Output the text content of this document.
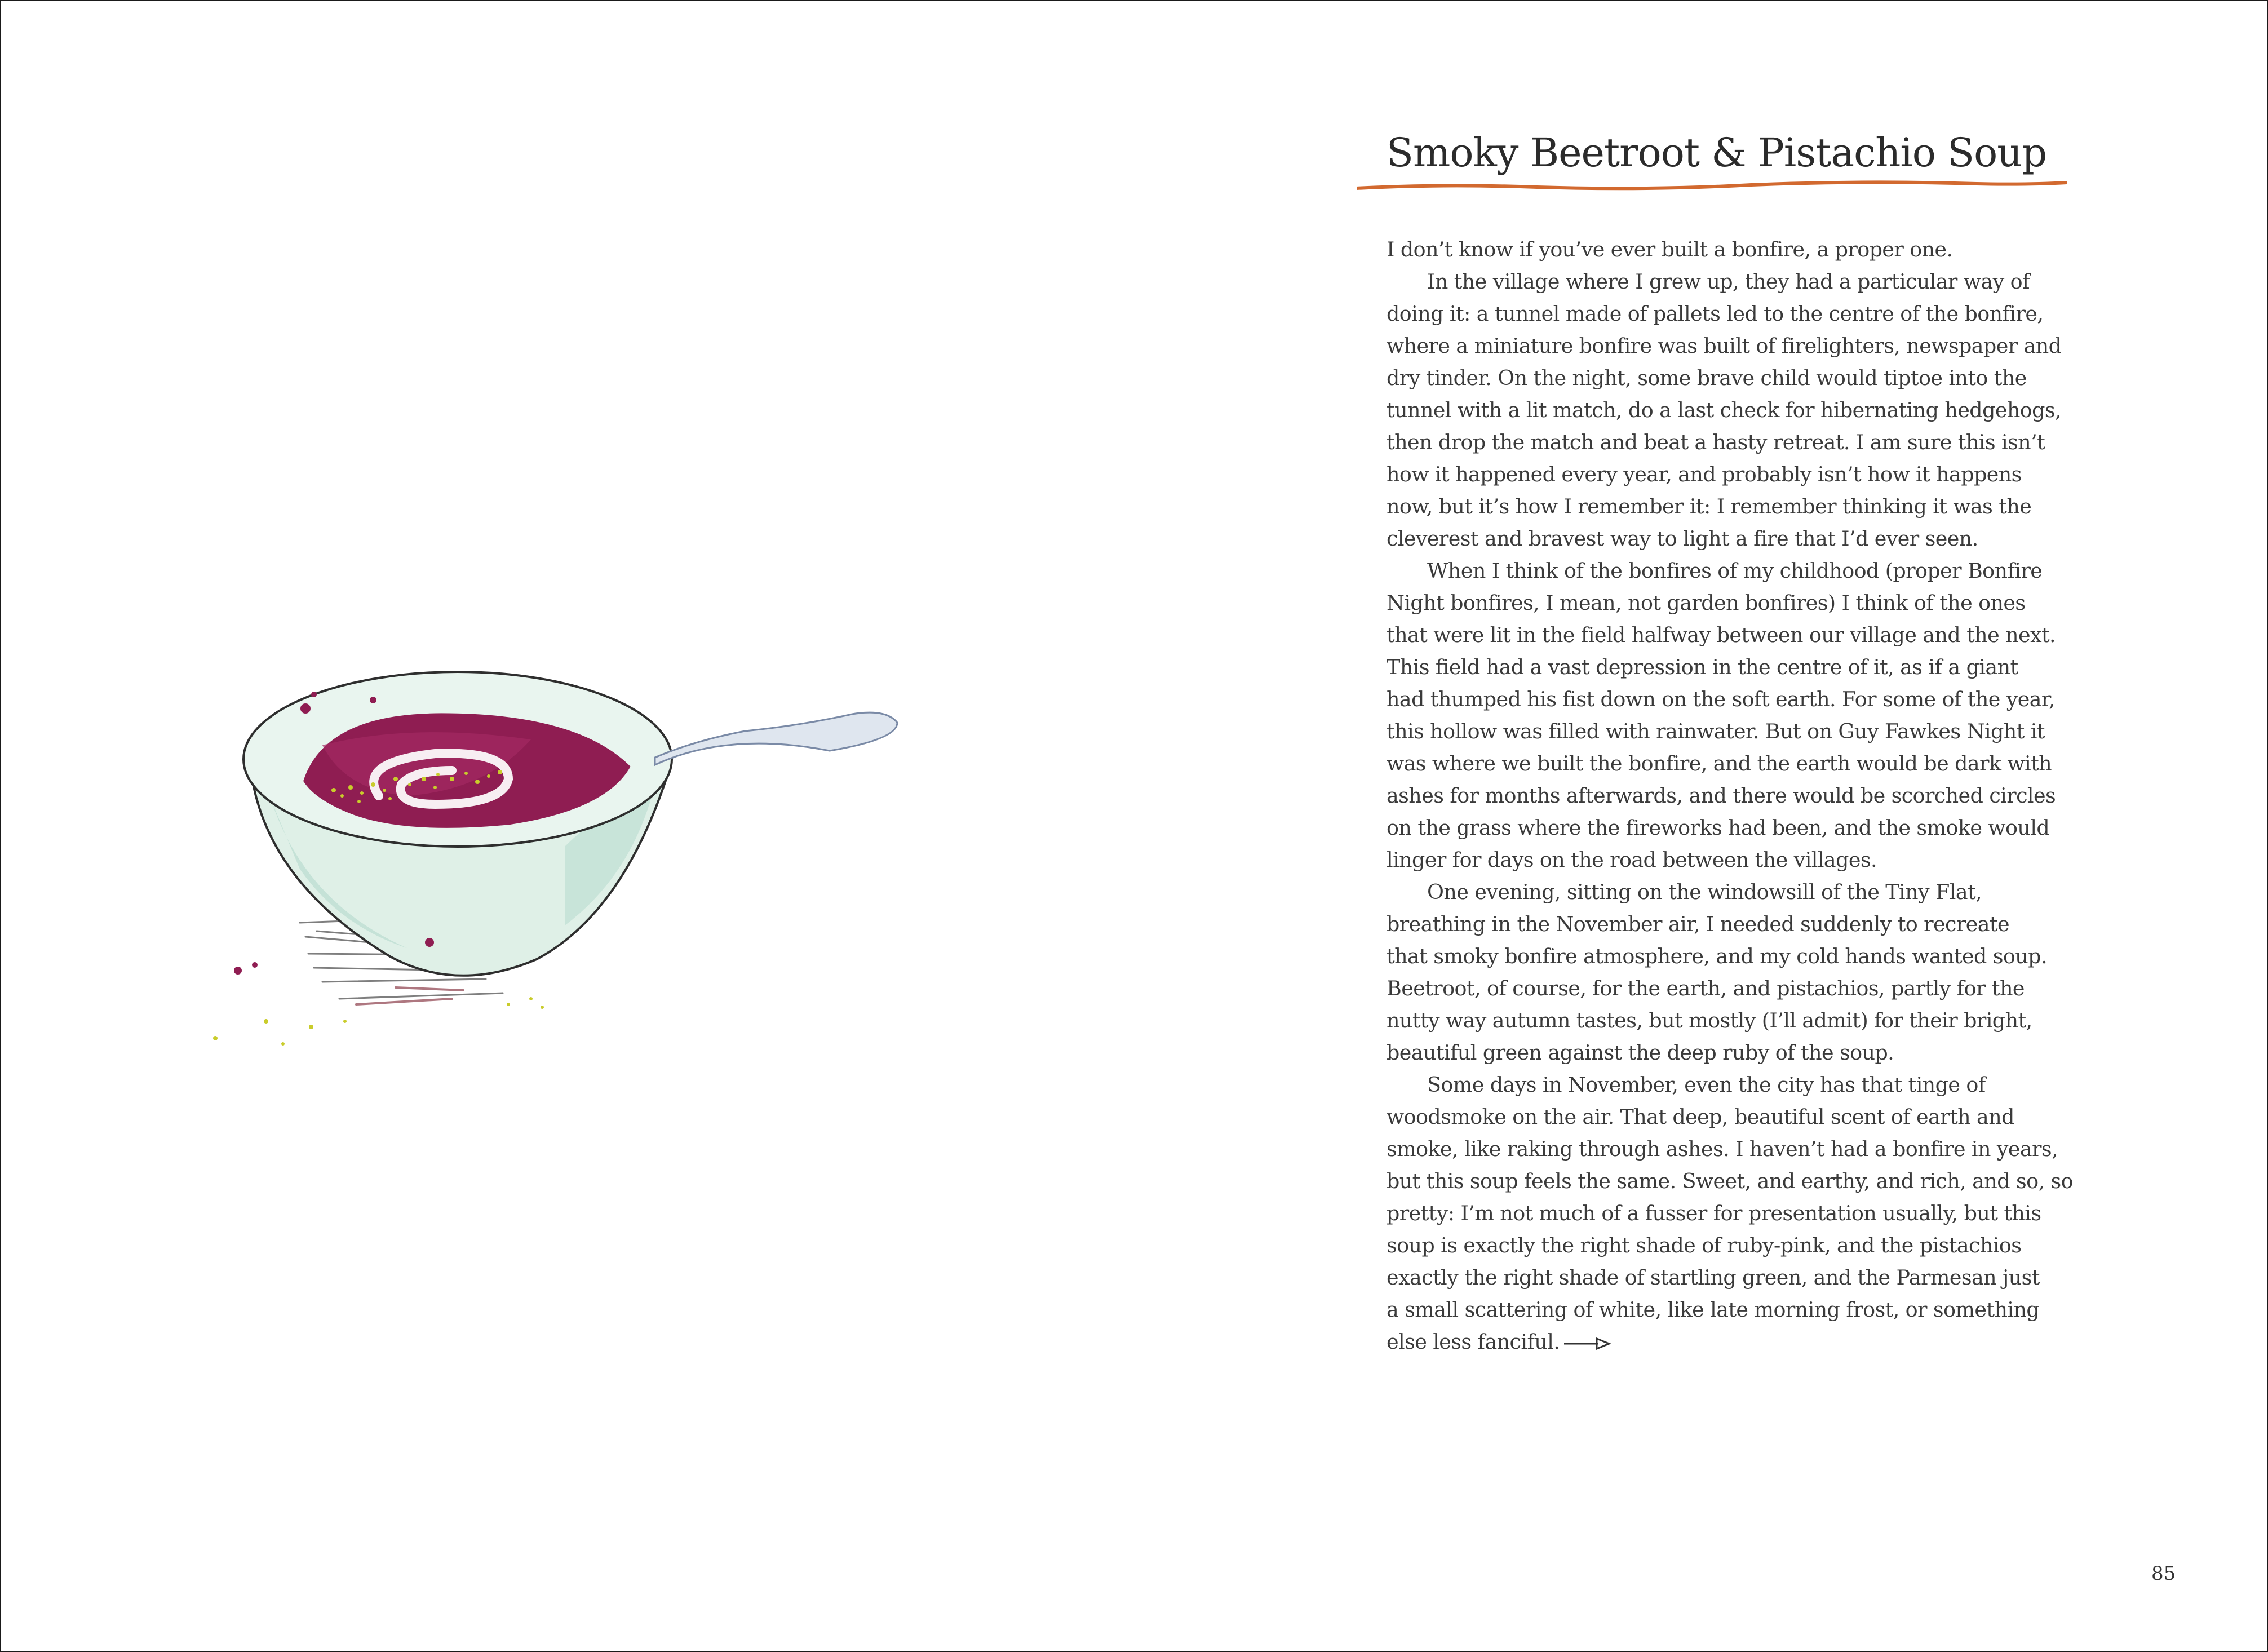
Smoky Beetroot & Pistachio Soup
I don’t know if you’ve ever built a bonfire, a proper one.
In the village where I grew up, they had a particular way of
doing it: a tunnel made of pallets led to the centre of the bonfire,
where a miniature bonfire was built of firelighters, newspaper and
dry tinder. On the night, some brave child would tiptoe into the
tunnel with a lit match, do a last check for hibernating hedgehogs,
then drop the match and beat a hasty retreat. I am sure this isn’t
how it happened every year, and probably isn’t how it happens
now, but it’s how I remember it: I remember thinking it was the
cleverest and bravest way to light a fire that I’d ever seen.
When I think of the bonfires of my childhood (proper Bonfire
Night bonfires, I mean, not garden bonfires) I think of the ones
that were lit in the field halfway between our village and the next.
This field had a vast depression in the centre of it, as if a giant
had thumped his fist down on the soft earth. For some of the year,
this hollow was filled with rainwater. But on Guy Fawkes Night it
was where we built the bonfire, and the earth would be dark with
ashes for months afterwards, and there would be scorched circles
on the grass where the fireworks had been, and the smoke would
linger for days on the road between the villages.
One evening, sitting on the windowsill of the Tiny Flat,
breathing in the November air, I needed suddenly to recreate
that smoky bonfire atmosphere, and my cold hands wanted soup.
Beetroot, of course, for the earth, and pistachios, partly for the
nutty way autumn tastes, but mostly (I’ll admit) for their bright,
beautiful green against the deep ruby of the soup.
Some days in November, even the city has that tinge of
woodsmoke on the air. That deep, beautiful scent of earth and
smoke, like raking through ashes. I haven’t had a bonfire in years,
but this soup feels the same. Sweet, and earthy, and rich, and so, so
pretty: I’m not much of a fusser for presentation usually, but this
soup is exactly the right shade of ruby-pink, and the pistachios
exactly the right shade of startling green, and the Parmesan just
a small scattering of white, like late morning frost, or something
else less fanciful.
85
